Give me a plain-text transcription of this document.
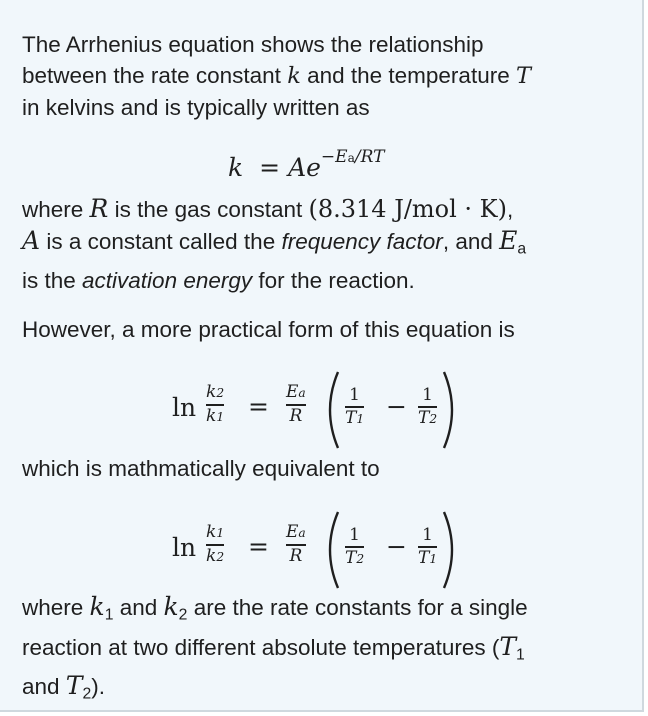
The Arrhenius equation shows the relationship
between the rate constant k and the temperature T
in kelvins and is typically written as

$k = Ae^{-Ea/RT}$

where R is the gas constant (8.314 J/mol · K),
A is a constant called the frequency factor, and $E_a$
is the activation energy for the reaction.

However, a more practical form of this equation is

ln
k2
k1 = Ea
R
1
T1 − 1
T2

which is mathmatically equivalent to

ln
k1
k2 = Ea
R
1
T2 − 1
T1

where $k_1$ and $k_2$ are the rate constants for a single
reaction at two different absolute temperatures ($T_1$
and $T_2$).
